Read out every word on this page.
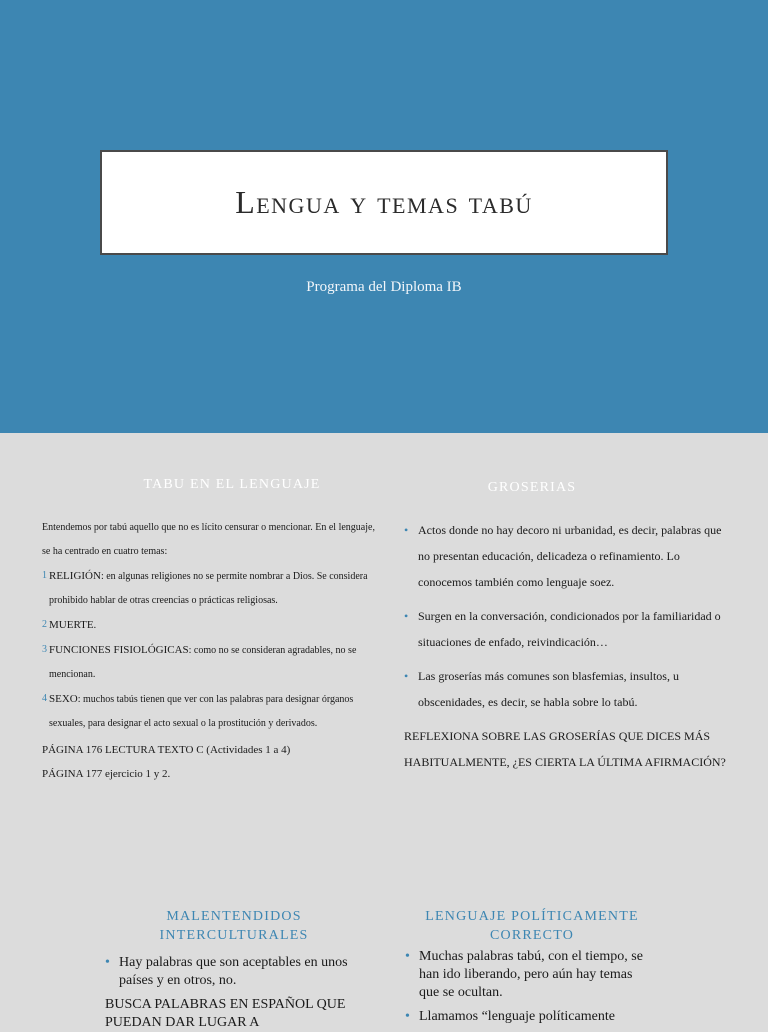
Lengua y temas tabú
Programa del Diploma IB
TABU EN EL LENGUAJE

Entendemos por tabú aquello que no es lícito censurar o mencionar. En el lenguaje, se ha centrado en cuatro temas:

1 RELIGIÓN: en algunas religiones no se permite nombrar a Dios. Se considera prohibido hablar de otras creencias o prácticas religiosas.
2 MUERTE.
3 FUNCIONES FISIOLÓGICAS: como no se consideran agradables, no se mencionan.
4 SEXO: muchos tabús tienen que ver con las palabras para designar órganos sexuales, para designar el acto sexual o la prostitución y derivados.

PÁGINA 176 LECTURA TEXTO C (Actividades 1 a 4)

PÁGINA 177 ejercicio 1 y 2.

GROSERIAS
• Actos donde no hay decoro ni urbanidad, es decir, palabras que no presentan educación, delicadeza o refinamiento. Lo conocemos también como lenguaje soez.
• Surgen en la conversación, condicionados por la familiaridad o situaciones de enfado, reivindicación…
• Las groserías más comunes son blasfemias, insultos, u obscenidades, es decir, se habla sobre lo tabú.
REFLEXIONA SOBRE LAS GROSERÍAS QUE DICES MÁS HABITUALMENTE, ¿ES CIERTA LA ÚLTIMA AFIRMACIÓN?
MALENTENDIDOS
INTERCULTURALES
• Hay palabras que son aceptables en unos países y en otros, no.
BUSCA PALABRAS EN ESPAÑOL QUE PUEDAN DAR LUGAR A
LENGUAJE POLÍTICAMENTE
CORRECTO
• Muchas palabras tabú, con el tiempo, se han ido liberando, pero aún hay temas que se ocultan.
• Llamamos “lenguaje políticamente
